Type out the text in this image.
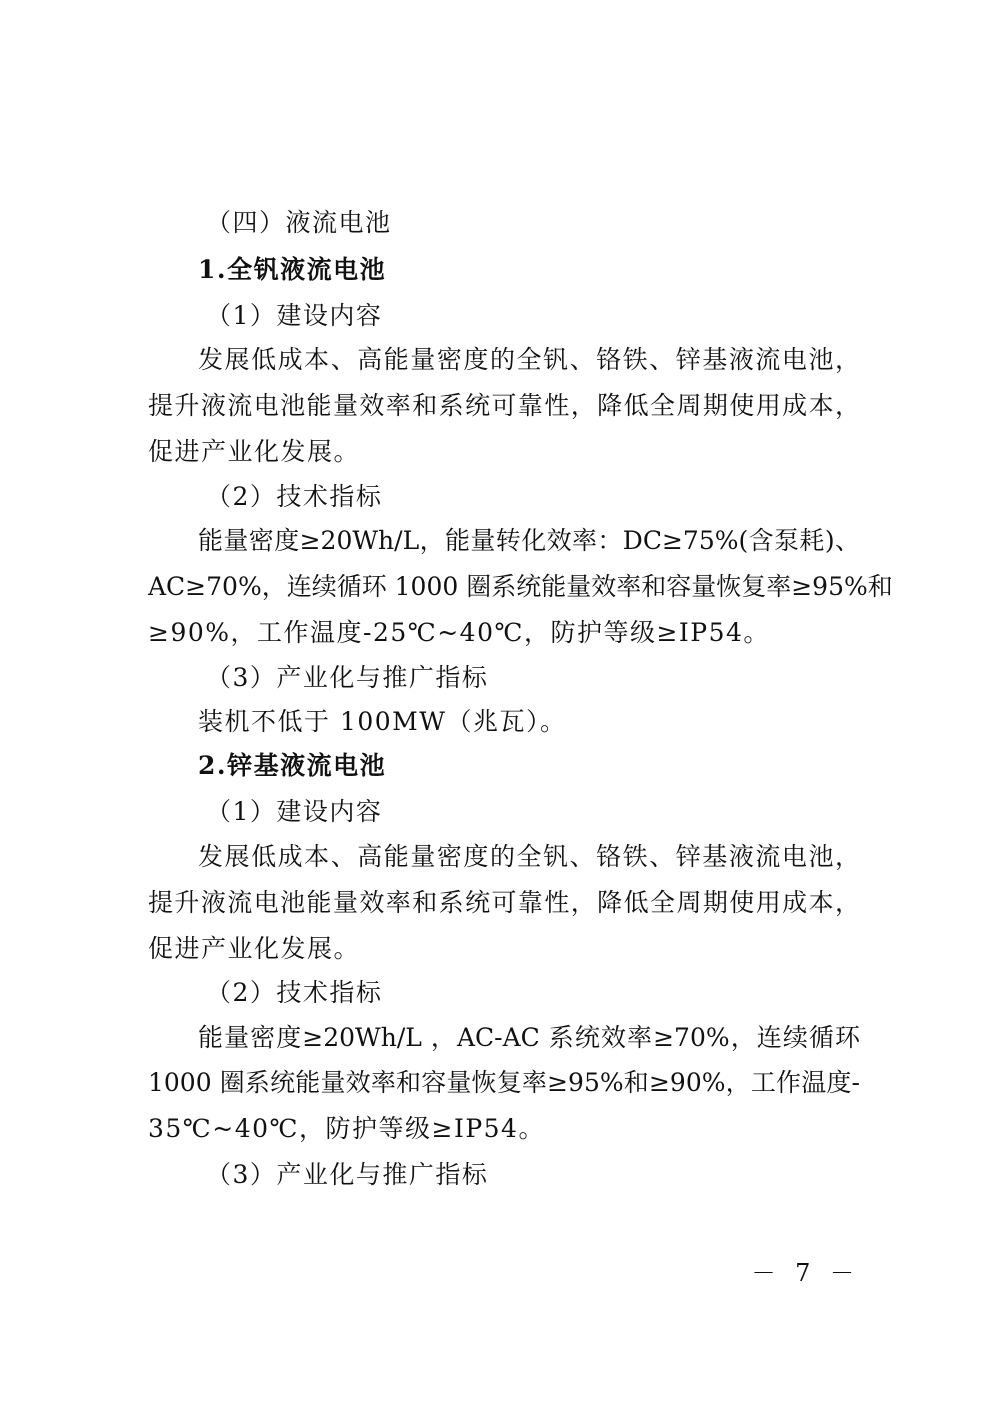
（四）液流电池
1.全钒液流电池
（1）建设内容
发展低成本、高能量密度的全钒、铬铁、锌基液流电池，
提升液流电池能量效率和系统可靠性，降低全周期使用成本，
促进产业化发展。
（2）技术指标
能量密度≥20Wh/L，能量转化效率：DC≥75%(含泵耗)、
AC≥70%，连续循环 1000 圈系统能量效率和容量恢复率≥95%和
≥90%，工作温度-25℃~40℃，防护等级≥IP54。
（3）产业化与推广指标
装机不低于 100MW（兆瓦）。
2.锌基液流电池
（1）建设内容
发展低成本、高能量密度的全钒、铬铁、锌基液流电池，
提升液流电池能量效率和系统可靠性，降低全周期使用成本，
促进产业化发展。
（2）技术指标
能量密度≥20Wh/L ，AC-AC 系统效率≥70%，连续循环
1000 圈系统能量效率和容量恢复率≥95%和≥90%，工作温度-
35℃~40℃，防护等级≥IP54。
（3）产业化与推广指标
－ 7 －
